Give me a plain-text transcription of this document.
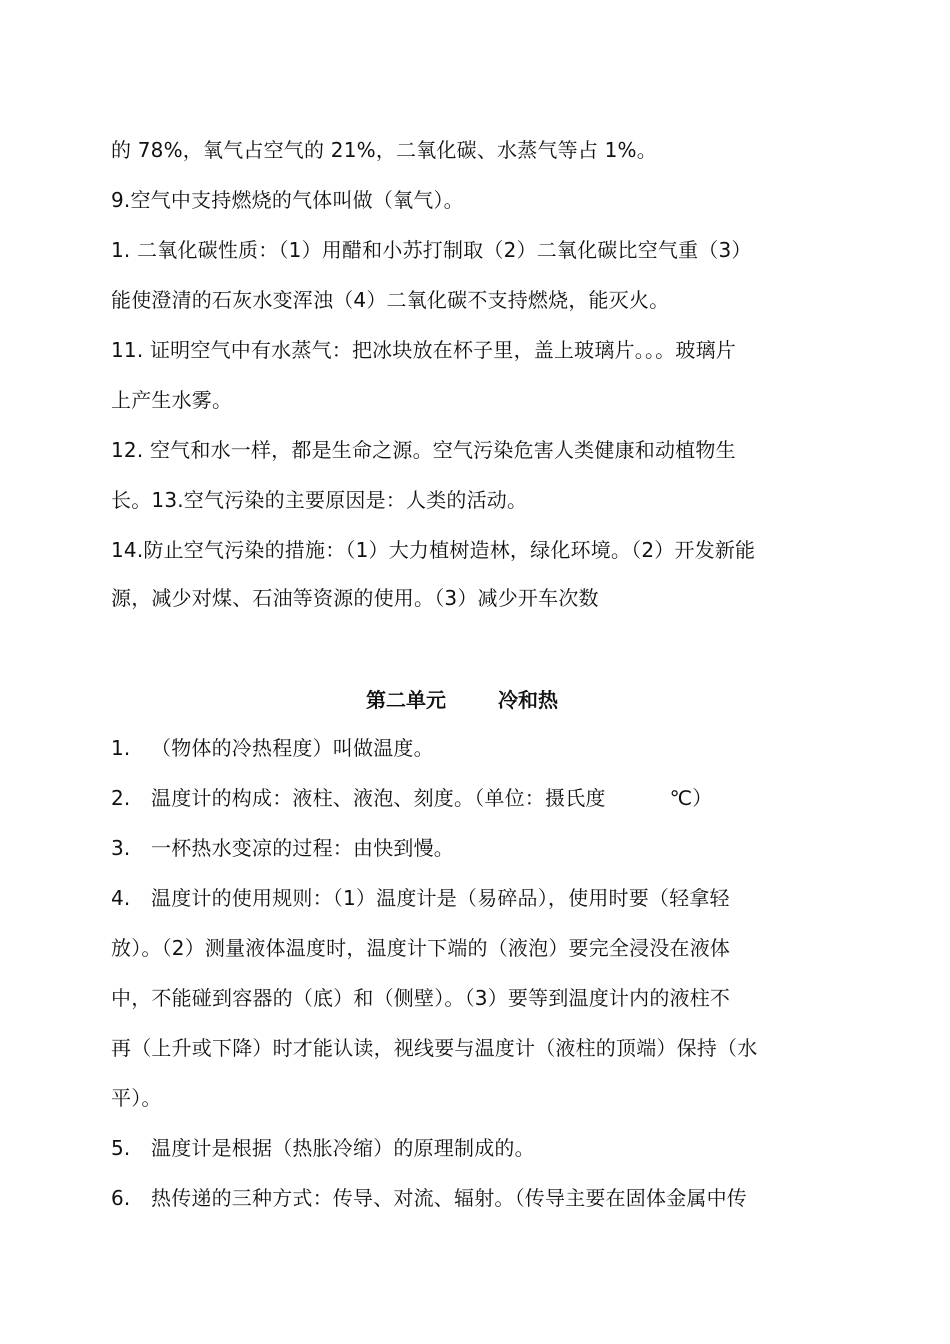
的 78%，氧气占空气的 21%，二氧化碳、水蒸气等占 1%。
9.空气中支持燃烧的气体叫做（氧气）。
1. 二氧化碳性质：（1）用醋和小苏打制取（2）二氧化碳比空气重（3）
能使澄清的石灰水变浑浊（4）二氧化碳不支持燃烧，能灭火。
11. 证明空气中有水蒸气：把冰块放在杯子里，盖上玻璃片。。。玻璃片
上产生水雾。
12. 空气和水一样，都是生命之源。空气污染危害人类健康和动植物生
长。13.空气污染的主要原因是：人类的活动。
14.防止空气污染的措施：（1）大力植树造林，绿化环境。（2）开发新能
源，减少对煤、石油等资源的使用。（3）减少开车次数
第二单元	冷和热
1. （物体的冷热程度）叫做温度。
2. 温度计的构成：液柱、液泡、刻度。（单位：摄氏度	℃）
3. 一杯热水变凉的过程：由快到慢。
4. 温度计的使用规则：（1）温度计是（易碎品），使用时要（轻拿轻
放）。（2）测量液体温度时，温度计下端的（液泡）要完全浸没在液体
中，不能碰到容器的（底）和（侧壁）。（3）要等到温度计内的液柱不
再（上升或下降）时才能认读，视线要与温度计（液柱的顶端）保持（水
平）。
5. 温度计是根据（热胀冷缩）的原理制成的。
6. 热传递的三种方式：传导、对流、辐射。（传导主要在固体金属中传
